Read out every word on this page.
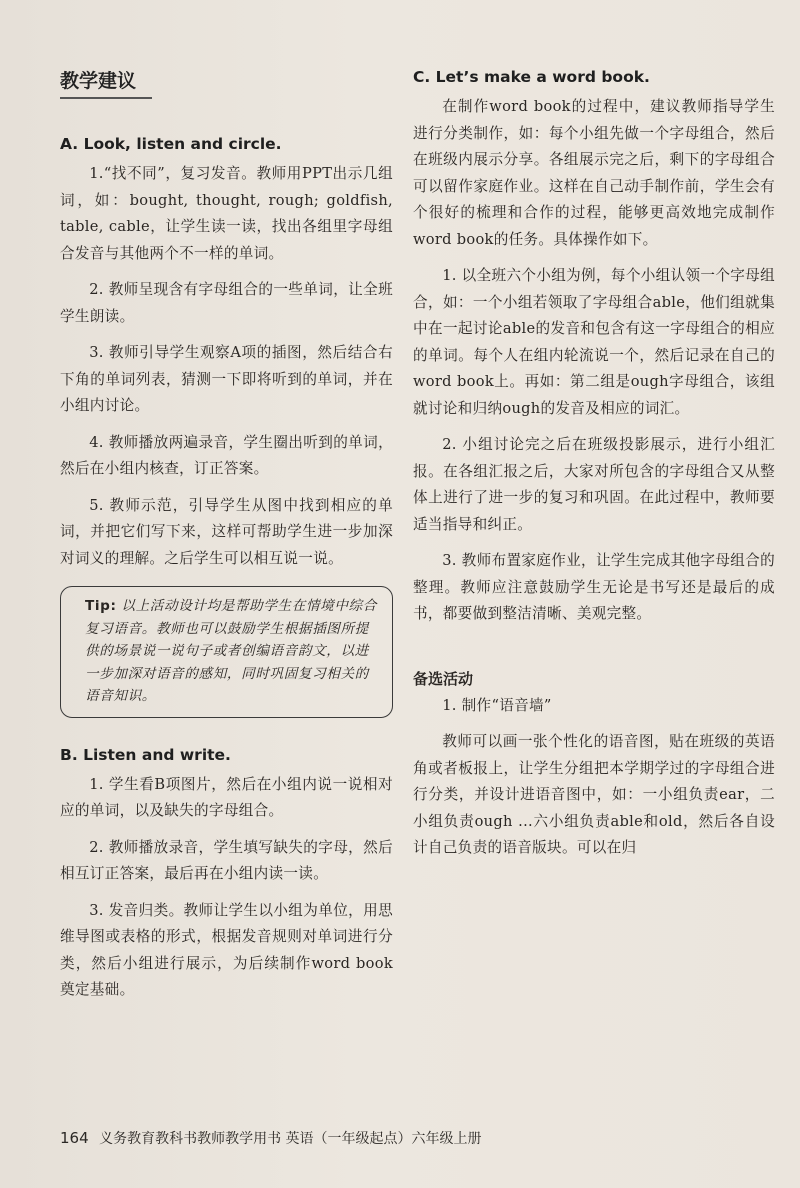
教学建议
A. Look, listen and circle.

1.“找不同”，复习发音。教师用PPT出示几组词，如：bought, thought, rough; goldfish, table, cable，让学生读一读，找出各组里字母组合发音与其他两个不一样的单词。

2. 教师呈现含有字母组合的一些单词，让全班学生朗读。

3. 教师引导学生观察A项的插图，然后结合右下角的单词列表，猜测一下即将听到的单词，并在小组内讨论。

4. 教师播放两遍录音，学生圈出听到的单词，然后在小组内核查，订正答案。

5. 教师示范，引导学生从图中找到相应的单词，并把它们写下来，这样可帮助学生进一步加深对词义的理解。之后学生可以相互说一说。

Tip: 以上活动设计均是帮助学生在情境中综合复习语音。教师也可以鼓励学生根据插图所提供的场景说一说句子或者创编语音韵文，以进一步加深对语音的感知，同时巩固复习相关的语音知识。
B. Listen and write.

1. 学生看B项图片，然后在小组内说一说相对应的单词，以及缺失的字母组合。

2. 教师播放录音，学生填写缺失的字母，然后相互订正答案，最后再在小组内读一读。

3. 发音归类。教师让学生以小组为单位，用思维导图或表格的形式，根据发音规则对单词进行分类，然后小组进行展示，为后续制作word book奠定基础。

C. Let’s make a word book.

在制作word book的过程中，建议教师指导学生进行分类制作，如：每个小组先做一个字母组合，然后在班级内展示分享。各组展示完之后，剩下的字母组合可以留作家庭作业。这样在自己动手制作前，学生会有个很好的梳理和合作的过程，能够更高效地完成制作word book的任务。具体操作如下。

1. 以全班六个小组为例，每个小组认领一个字母组合，如：一个小组若领取了字母组合able，他们组就集中在一起讨论able的发音和包含有这一字母组合的相应的单词。每个人在组内轮流说一个，然后记录在自己的word book上。再如：第二组是ough字母组合，该组就讨论和归纳ough的发音及相应的词汇。

2. 小组讨论完之后在班级投影展示，进行小组汇报。在各组汇报之后，大家对所包含的字母组合又从整体上进行了进一步的复习和巩固。在此过程中，教师要适当指导和纠正。

3. 教师布置家庭作业，让学生完成其他字母组合的整理。教师应注意鼓励学生无论是书写还是最后的成书，都要做到整洁清晰、美观完整。

备选活动

1. 制作“语音墙”

教师可以画一张个性化的语音图，贴在班级的英语角或者板报上，让学生分组把本学期学过的字母组合进行分类，并设计进语音图中，如：一小组负责ear，二小组负责ough ...六小组负责able和old，然后各自设计自己负责的语音版块。可以在归

164 义务教育教科书教师教学用书 英语（一年级起点）六年级上册
